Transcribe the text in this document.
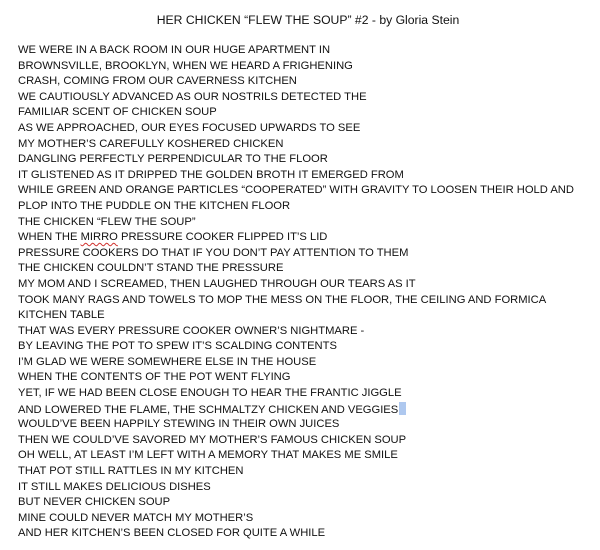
HER CHICKEN “FLEW THE SOUP” #2 - by Gloria Stein
WE WERE IN A BACK ROOM IN OUR HUGE APARTMENT IN
BROWNSVILLE, BROOKLYN, WHEN WE HEARD A FRIGHENING
CRASH, COMING FROM OUR CAVERNESS KITCHEN
WE CAUTIOUSLY ADVANCED AS OUR NOSTRILS DETECTED THE
FAMILIAR SCENT OF CHICKEN SOUP
AS WE APPROACHED, OUR EYES FOCUSED UPWARDS TO SEE
MY MOTHER’S CAREFULLY KOSHERED CHICKEN
DANGLING PERFECTLY PERPENDICULAR TO THE FLOOR
IT GLISTENED AS IT DRIPPED THE GOLDEN BROTH IT EMERGED FROM
WHILE GREEN AND ORANGE PARTICLES “COOPERATED” WITH GRAVITY TO LOOSEN THEIR HOLD AND
PLOP INTO THE PUDDLE ON THE KITCHEN FLOOR
THE CHICKEN “FLEW THE SOUP”
WHEN THE MIRRO PRESSURE COOKER FLIPPED IT’S LID
PRESSURE COOKERS DO THAT IF YOU DON’T PAY ATTENTION TO THEM
THE CHICKEN COULDN’T STAND THE PRESSURE
MY MOM AND I SCREAMED, THEN LAUGHED THROUGH OUR TEARS AS IT
TOOK MANY RAGS AND TOWELS TO MOP THE MESS ON THE FLOOR, THE CEILING AND FORMICA
KITCHEN TABLE
THAT WAS EVERY PRESSURE COOKER OWNER’S NIGHTMARE -
BY LEAVING THE POT TO SPEW IT’S SCALDING CONTENTS
I’M GLAD WE WERE SOMEWHERE ELSE IN THE HOUSE
WHEN THE CONTENTS OF THE POT WENT FLYING
YET, IF WE HAD BEEN CLOSE ENOUGH TO HEAR THE FRANTIC JIGGLE
AND LOWERED THE FLAME, THE SCHMALTZY CHICKEN AND VEGGIES
WOULD’VE BEEN HAPPILY STEWING IN THEIR OWN JUICES
THEN WE COULD’VE SAVORED MY MOTHER’S FAMOUS CHICKEN SOUP
OH WELL, AT LEAST I’M LEFT WITH A MEMORY THAT MAKES ME SMILE
THAT POT STILL RATTLES IN MY KITCHEN
IT STILL MAKES DELICIOUS DISHES
BUT NEVER CHICKEN SOUP
MINE COULD NEVER MATCH MY MOTHER’S
AND HER KITCHEN’S BEEN CLOSED FOR QUITE A WHILE
